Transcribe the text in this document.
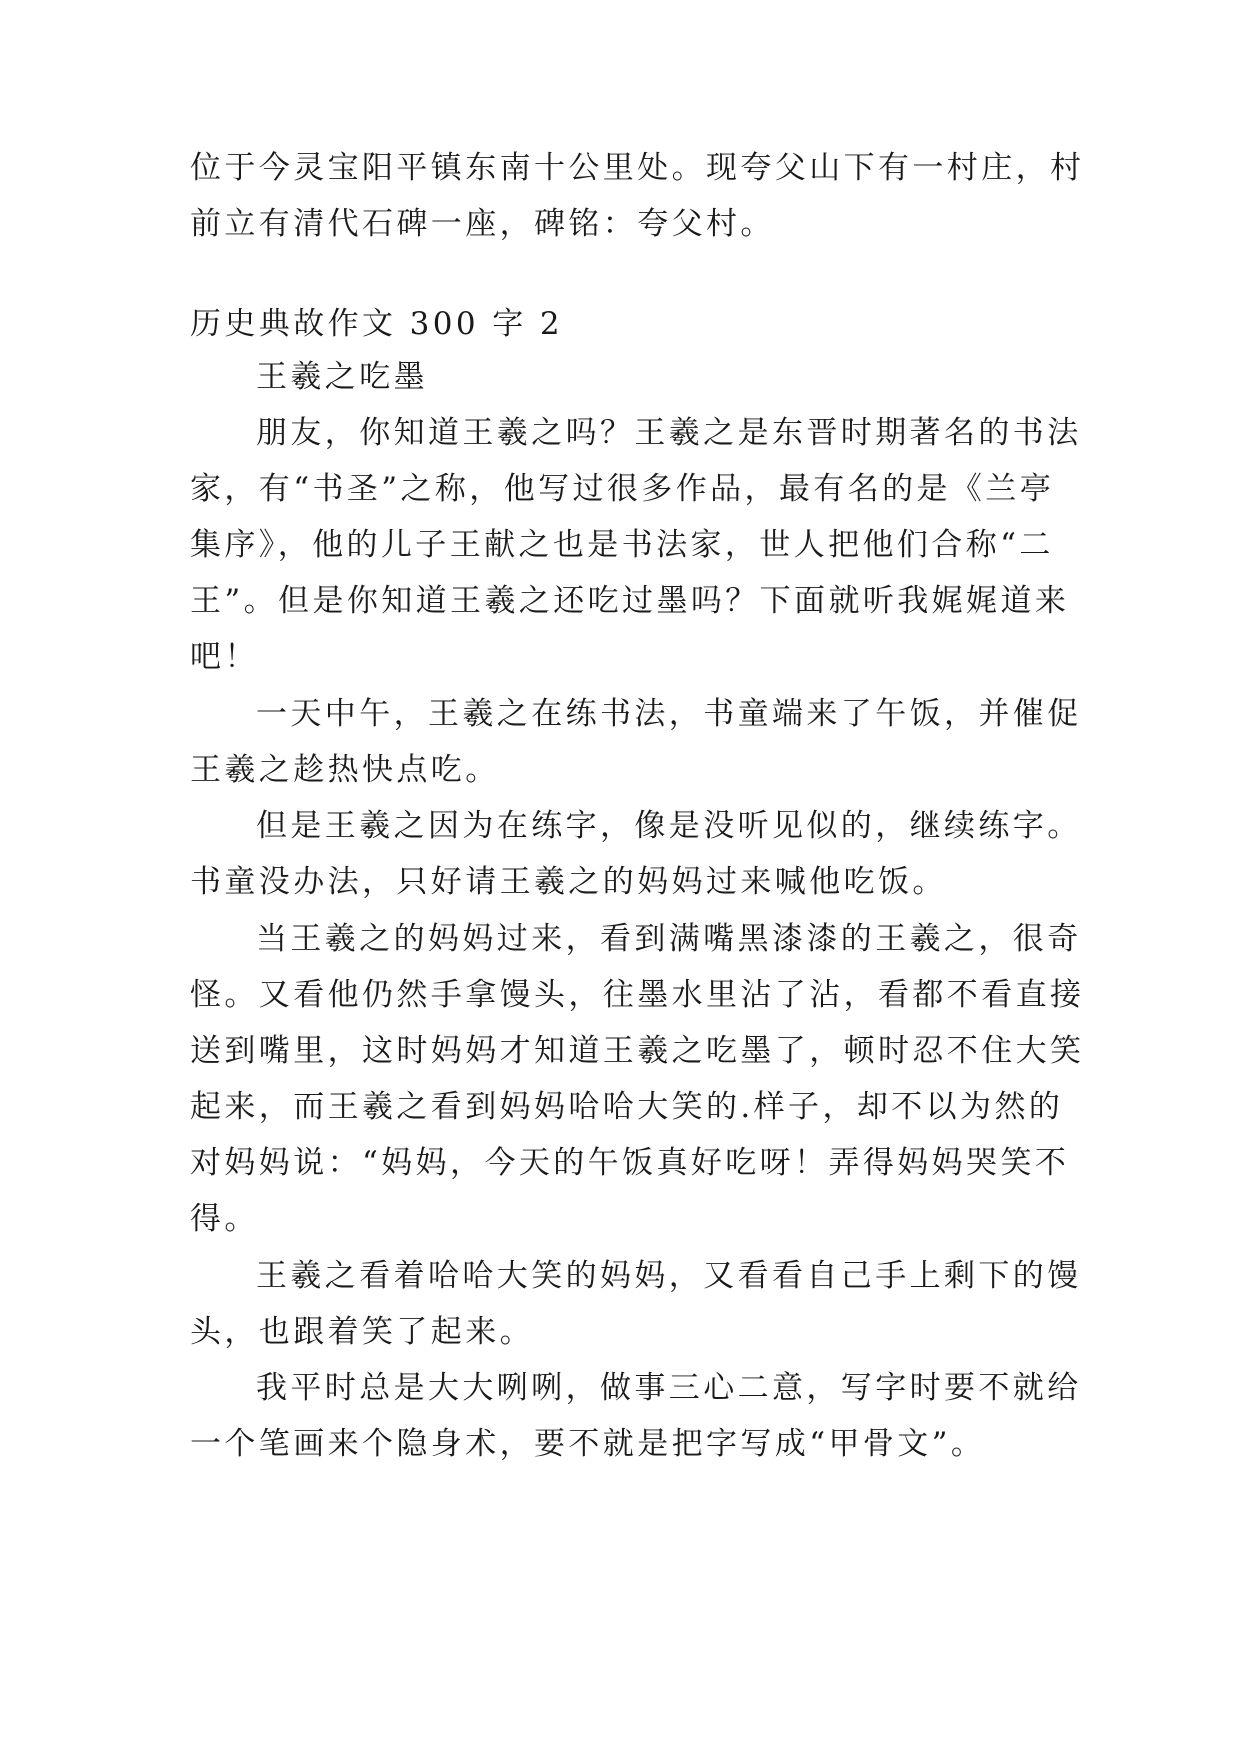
位于今灵宝阳平镇东南十公里处。现夸父山下有一村庄，村
前立有清代石碑一座，碑铭：夸父村。
历史典故作文 300 字 2
王羲之吃墨
朋友，你知道王羲之吗？王羲之是东晋时期著名的书法
家，有“书圣”之称，他写过很多作品，最有名的是《兰亭
集序》，他的儿子王献之也是书法家，世人把他们合称“二
王”。但是你知道王羲之还吃过墨吗？下面就听我娓娓道来
吧！
一天中午，王羲之在练书法，书童端来了午饭，并催促
王羲之趁热快点吃。
但是王羲之因为在练字，像是没听见似的，继续练字。
书童没办法，只好请王羲之的妈妈过来喊他吃饭。
当王羲之的妈妈过来，看到满嘴黑漆漆的王羲之，很奇
怪。又看他仍然手拿馒头，往墨水里沾了沾，看都不看直接
送到嘴里，这时妈妈才知道王羲之吃墨了，顿时忍不住大笑
起来，而王羲之看到妈妈哈哈大笑的.样子，却不以为然的
对妈妈说：“妈妈，今天的午饭真好吃呀！弄得妈妈哭笑不
得。
王羲之看着哈哈大笑的妈妈，又看看自己手上剩下的馒
头，也跟着笑了起来。
我平时总是大大咧咧，做事三心二意，写字时要不就给
一个笔画来个隐身术，要不就是把字写成“甲骨文”。
